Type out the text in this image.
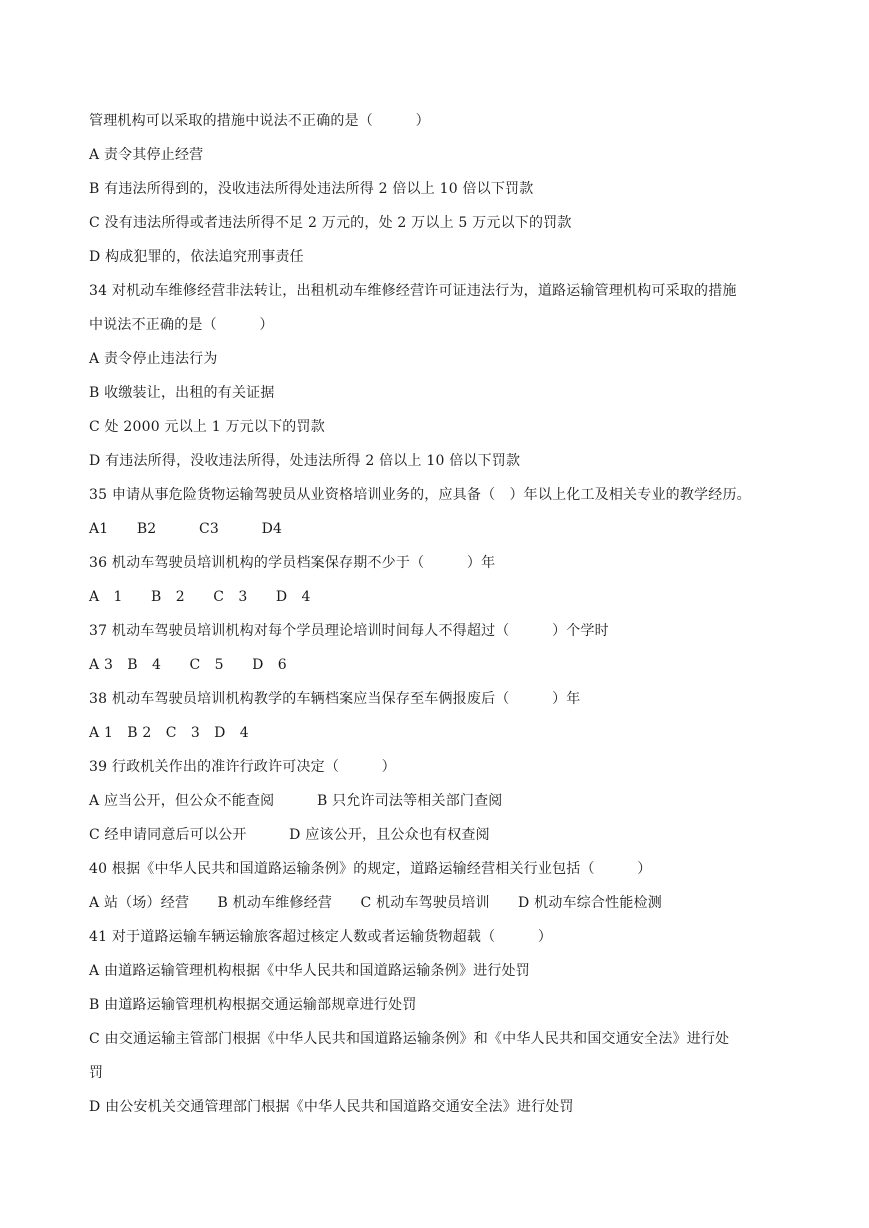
管理机构可以采取的措施中说法不正确的是（　　　）
A 责令其停止经营
B 有违法所得到的，没收违法所得处违法所得 2 倍以上 10 倍以下罚款
C 没有违法所得或者违法所得不足 2 万元的，处 2 万以上 5 万元以下的罚款
D 构成犯罪的，依法追究刑事责任
34 对机动车维修经营非法转让，出租机动车维修经营许可证违法行为，道路运输管理机构可采取的措施
中说法不正确的是（　　　）
A 责令停止违法行为
B 收缴装让，出租的有关证据
C 处 2000 元以上 1 万元以下的罚款
D 有违法所得，没收违法所得，处违法所得 2 倍以上 10 倍以下罚款
35 申请从事危险货物运输驾驶员从业资格培训业务的，应具备（　）年以上化工及相关专业的教学经历。
A1　　B2　　　C3　　　D4
36 机动车驾驶员培训机构的学员档案保存期不少于（　　　）年
A　1　　B　2　　C　3　　D　4
37 机动车驾驶员培训机构对每个学员理论培训时间每人不得超过（　　　）个学时
A 3　B　4　　C　5　　D　6
38 机动车驾驶员培训机构教学的车辆档案应当保存至车俩报废后（　　　）年
A 1　B 2　C　3　D　4
39 行政机关作出的准许行政许可决定（　　　）
A 应当公开，但公众不能查阅　　　B 只允许司法等相关部门查阅
C 经申请同意后可以公开　　　D 应该公开，且公众也有权查阅
40 根据《中华人民共和国道路运输条例》的规定，道路运输经营相关行业包括（　　　）
A 站（场）经营　　B 机动车维修经营　　C 机动车驾驶员培训　　D 机动车综合性能检测
41 对于道路运输车辆运输旅客超过核定人数或者运输货物超载（　　　）
A 由道路运输管理机构根据《中华人民共和国道路运输条例》进行处罚
B 由道路运输管理机构根据交通运输部规章进行处罚
C 由交通运输主管部门根据《中华人民共和国道路运输条例》和《中华人民共和国交通安全法》进行处
罚
D 由公安机关交通管理部门根据《中华人民共和国道路交通安全法》进行处罚
